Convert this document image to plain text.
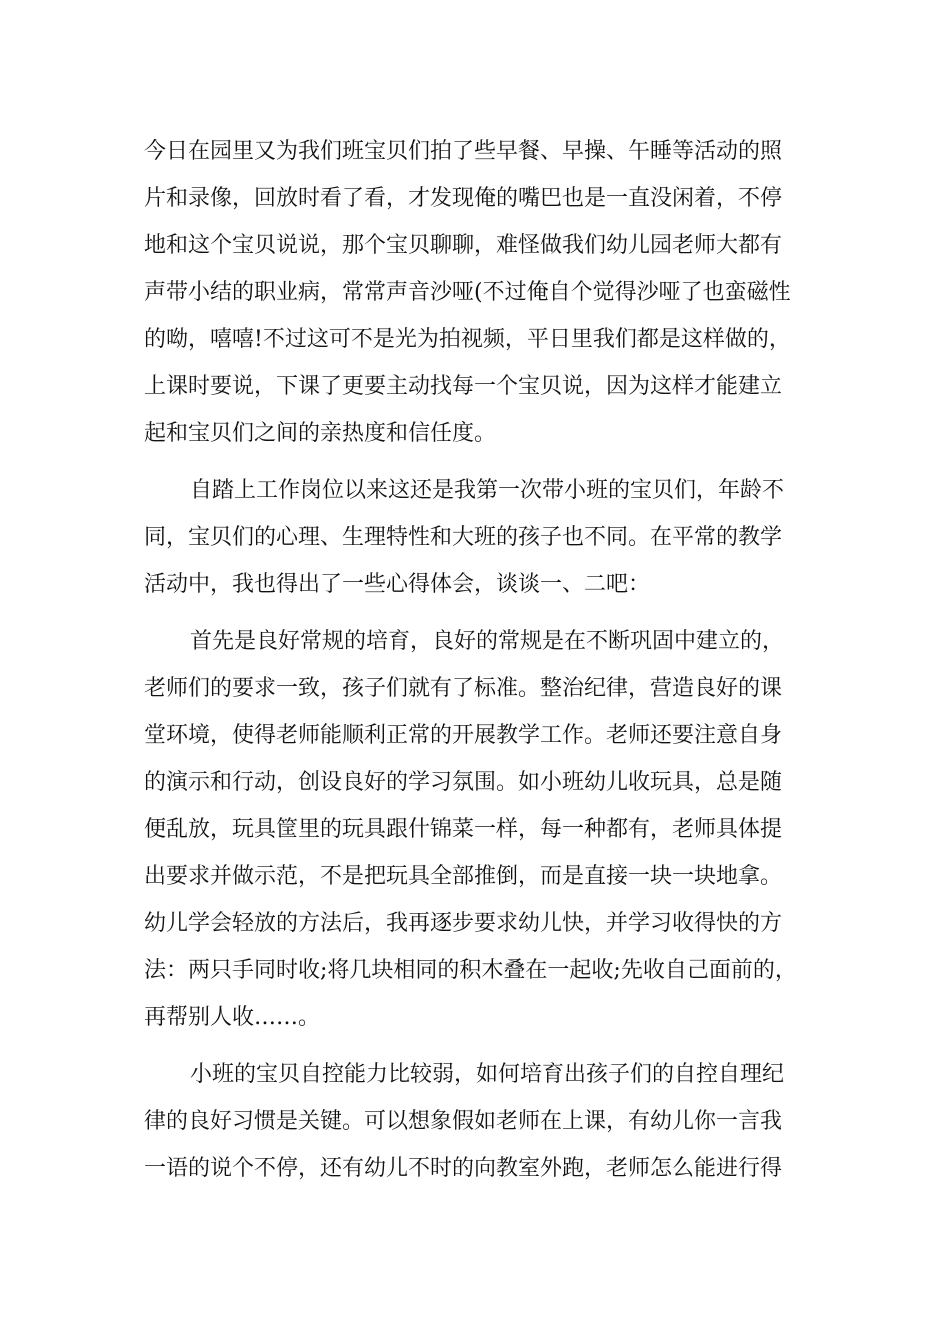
今日在园里又为我们班宝贝们拍了些早餐、早操、午睡等活动的照
片和录像，回放时看了看，才发现俺的嘴巴也是一直没闲着，不停
地和这个宝贝说说，那个宝贝聊聊，难怪做我们幼儿园老师大都有
声带小结的职业病，常常声音沙哑(不过俺自个觉得沙哑了也蛮磁性
的呦，嘻嘻!不过这可不是光为拍视频，平日里我们都是这样做的，
上课时要说，下课了更要主动找每一个宝贝说，因为这样才能建立
起和宝贝们之间的亲热度和信任度。
自踏上工作岗位以来这还是我第一次带小班的宝贝们，年龄不
同，宝贝们的心理、生理特性和大班的孩子也不同。在平常的教学
活动中，我也得出了一些心得体会，谈谈一、二吧：
首先是良好常规的培育，良好的常规是在不断巩固中建立的，
老师们的要求一致，孩子们就有了标准。整治纪律，营造良好的课
堂环境，使得老师能顺利正常的开展教学工作。老师还要注意自身
的演示和行动，创设良好的学习氛围。如小班幼儿收玩具，总是随
便乱放，玩具筐里的玩具跟什锦菜一样，每一种都有，老师具体提
出要求并做示范，不是把玩具全部推倒，而是直接一块一块地拿。
幼儿学会轻放的方法后，我再逐步要求幼儿快，并学习收得快的方
法：两只手同时收;将几块相同的积木叠在一起收;先收自己面前的，
再帮别人收……。
小班的宝贝自控能力比较弱，如何培育出孩子们的自控自理纪
律的良好习惯是关键。可以想象假如老师在上课，有幼儿你一言我
一语的说个不停，还有幼儿不时的向教室外跑，老师怎么能进行得
